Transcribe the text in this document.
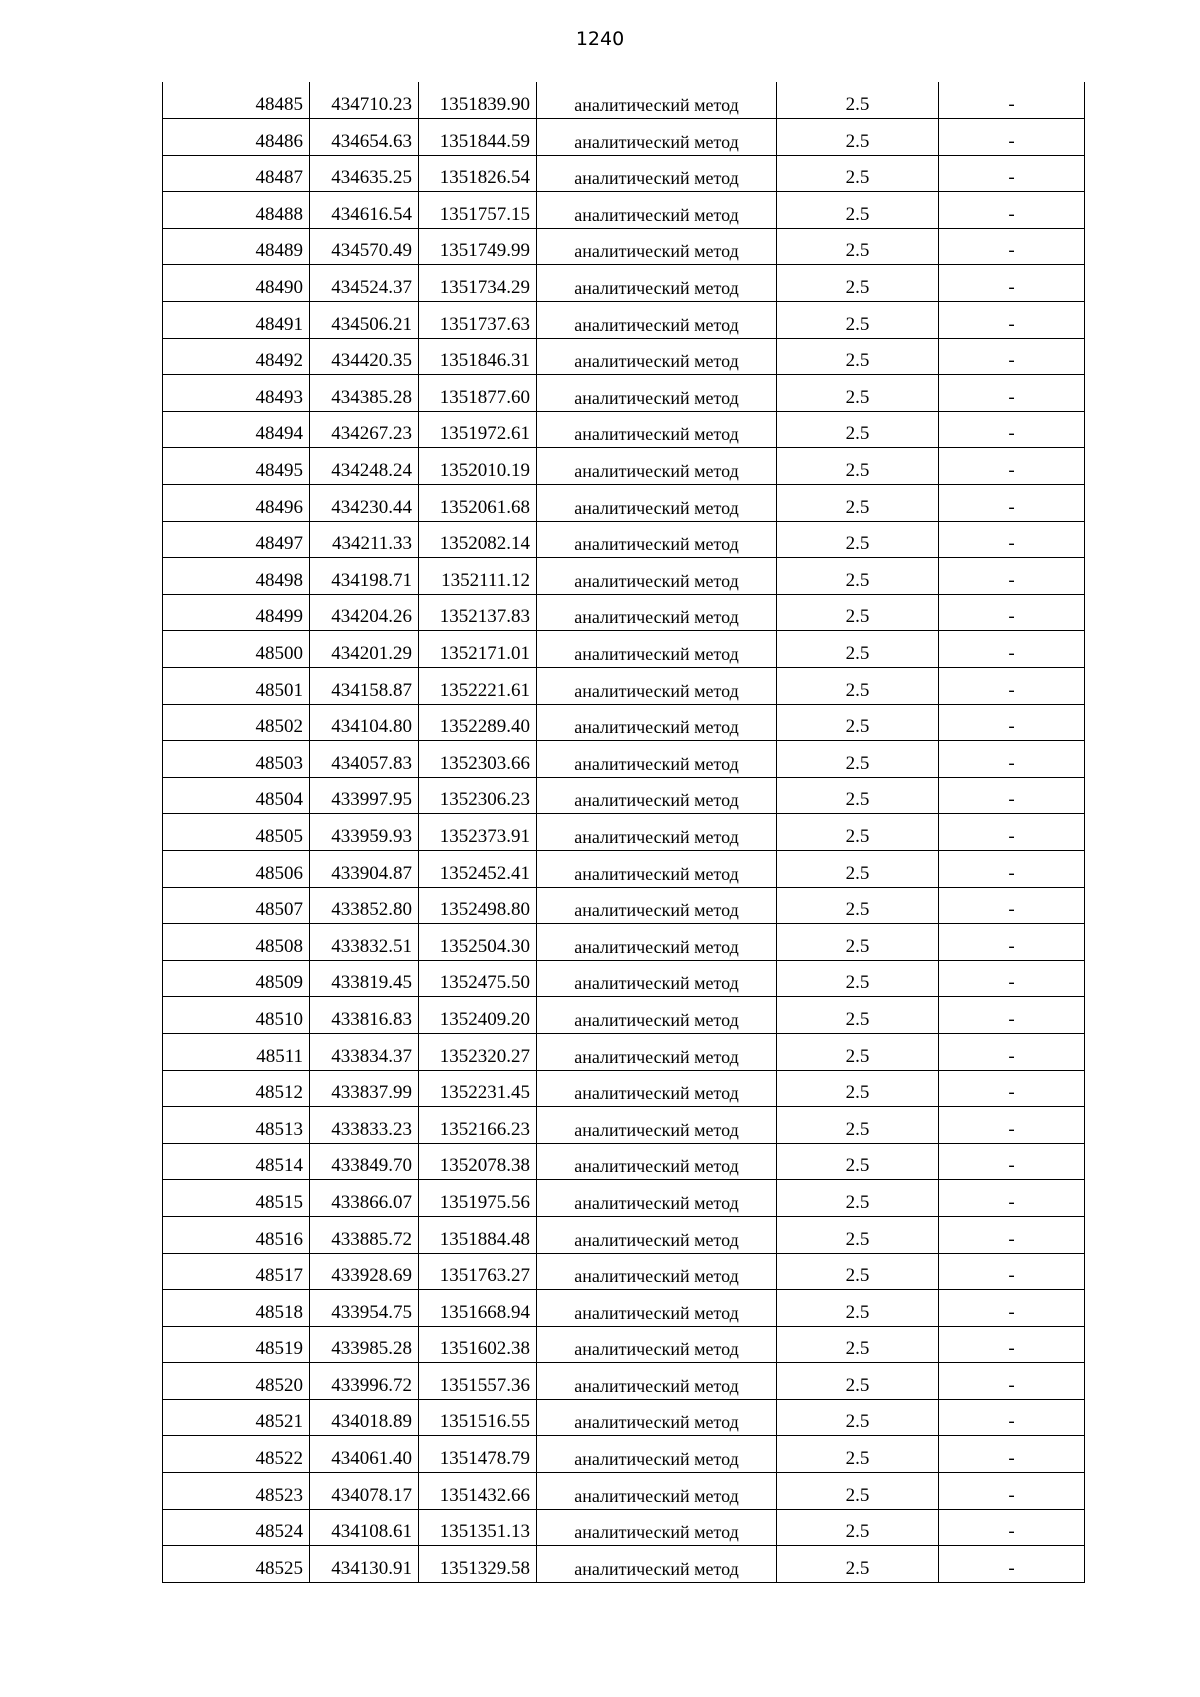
1240
48485	434710.23	1351839.90	аналитический метод	2.5	-
48486	434654.63	1351844.59	аналитический метод	2.5	-
48487	434635.25	1351826.54	аналитический метод	2.5	-
48488	434616.54	1351757.15	аналитический метод	2.5	-
48489	434570.49	1351749.99	аналитический метод	2.5	-
48490	434524.37	1351734.29	аналитический метод	2.5	-
48491	434506.21	1351737.63	аналитический метод	2.5	-
48492	434420.35	1351846.31	аналитический метод	2.5	-
48493	434385.28	1351877.60	аналитический метод	2.5	-
48494	434267.23	1351972.61	аналитический метод	2.5	-
48495	434248.24	1352010.19	аналитический метод	2.5	-
48496	434230.44	1352061.68	аналитический метод	2.5	-
48497	434211.33	1352082.14	аналитический метод	2.5	-
48498	434198.71	1352111.12	аналитический метод	2.5	-
48499	434204.26	1352137.83	аналитический метод	2.5	-
48500	434201.29	1352171.01	аналитический метод	2.5	-
48501	434158.87	1352221.61	аналитический метод	2.5	-
48502	434104.80	1352289.40	аналитический метод	2.5	-
48503	434057.83	1352303.66	аналитический метод	2.5	-
48504	433997.95	1352306.23	аналитический метод	2.5	-
48505	433959.93	1352373.91	аналитический метод	2.5	-
48506	433904.87	1352452.41	аналитический метод	2.5	-
48507	433852.80	1352498.80	аналитический метод	2.5	-
48508	433832.51	1352504.30	аналитический метод	2.5	-
48509	433819.45	1352475.50	аналитический метод	2.5	-
48510	433816.83	1352409.20	аналитический метод	2.5	-
48511	433834.37	1352320.27	аналитический метод	2.5	-
48512	433837.99	1352231.45	аналитический метод	2.5	-
48513	433833.23	1352166.23	аналитический метод	2.5	-
48514	433849.70	1352078.38	аналитический метод	2.5	-
48515	433866.07	1351975.56	аналитический метод	2.5	-
48516	433885.72	1351884.48	аналитический метод	2.5	-
48517	433928.69	1351763.27	аналитический метод	2.5	-
48518	433954.75	1351668.94	аналитический метод	2.5	-
48519	433985.28	1351602.38	аналитический метод	2.5	-
48520	433996.72	1351557.36	аналитический метод	2.5	-
48521	434018.89	1351516.55	аналитический метод	2.5	-
48522	434061.40	1351478.79	аналитический метод	2.5	-
48523	434078.17	1351432.66	аналитический метод	2.5	-
48524	434108.61	1351351.13	аналитический метод	2.5	-
48525	434130.91	1351329.58	аналитический метод	2.5	-
